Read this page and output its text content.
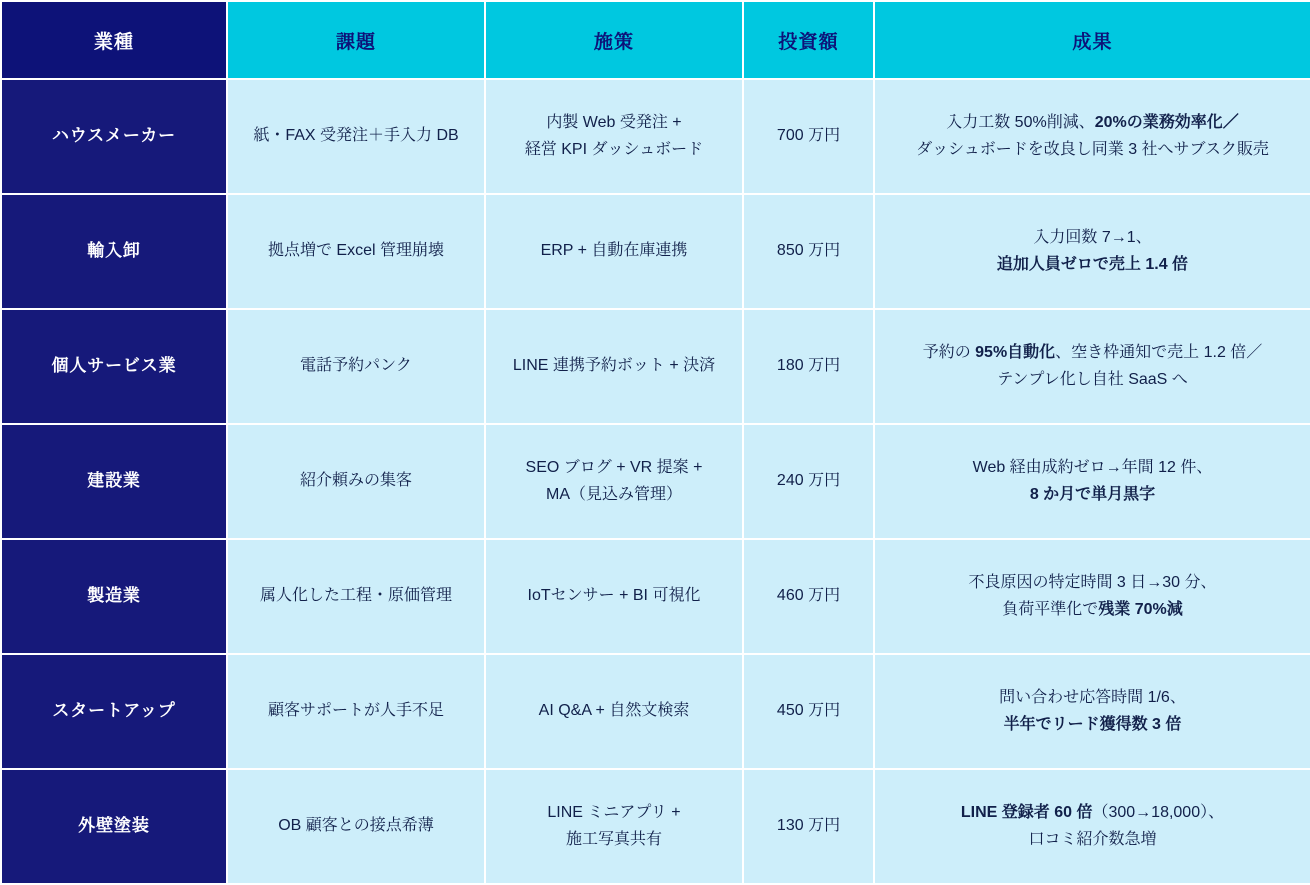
業種	課題	施策	投資額	成果
ハウスメーカー	紙・FAX 受発注＋手入力 DB	内製 Web 受発注 +
経営 KPI ダッシュボード	700 万円	入力工数 50%削減、20%の業務効率化／
ダッシュボードを改良し同業 3 社へサブスク販売

輸入卸	拠点増で Excel 管理崩壊	ERP + 自動在庫連携	850 万円	入力回数 7→1、
追加人員ゼロで売上 1.4 倍

個人サービス業	電話予約パンク	LINE 連携予約ボット + 決済	180 万円	予約の 95%自動化、空き枠通知で売上 1.2 倍／
テンプレ化し自社 SaaS へ

建設業	紹介頼みの集客	SEO ブログ + VR 提案 +
MA（見込み管理）	240 万円	Web 経由成約ゼロ→年間 12 件、
8 か月で単月黒字

製造業	属人化した工程・原価管理	IoTセンサー + BI 可視化	460 万円	不良原因の特定時間 3 日→30 分、
負荷平準化で残業 70%減

スタートアップ	顧客サポートが人手不足	AI Q&A + 自然文検索	450 万円	問い合わせ応答時間 1/6、
半年でリード獲得数 3 倍

外壁塗装	OB 顧客との接点希薄	LINE ミニアプリ +
施工写真共有	130 万円	LINE 登録者 60 倍（300→18,000）、
口コミ紹介数急増
